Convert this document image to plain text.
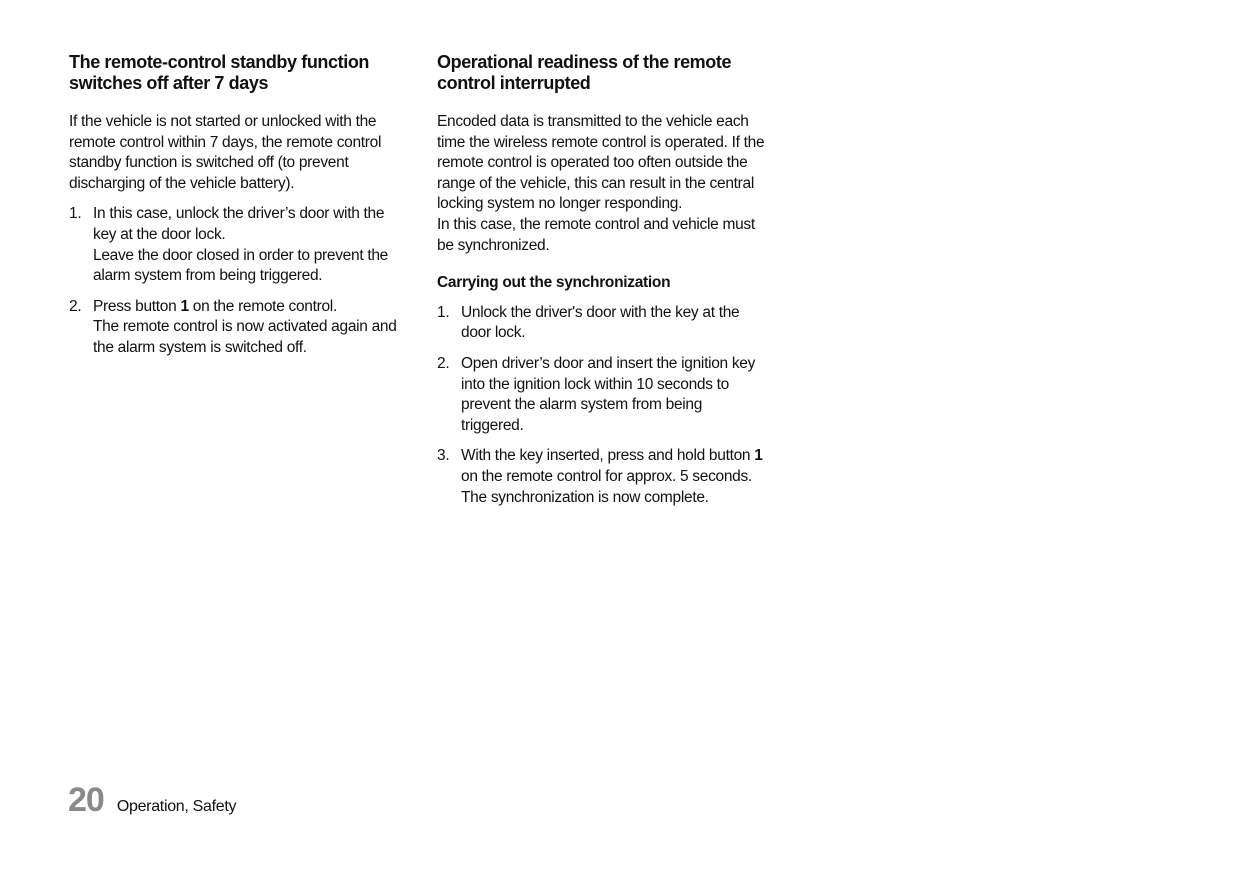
The remote-control standby function
switches off after 7 days

If the vehicle is not started or unlocked with the
remote control within 7 days, the remote control
standby function is switched off (to prevent
discharging of the vehicle battery).

1. In this case, unlock the driver’s door with the
key at the door lock.
Leave the door closed in order to prevent the
alarm system from being triggered.
2. Press button 1 on the remote control.
The remote control is now activated again and
the alarm system is switched off.
Operational readiness of the remote
control interrupted

Encoded data is transmitted to the vehicle each
time the wireless remote control is operated. If the
remote control is operated too often outside the
range of the vehicle, this can result in the central
locking system no longer responding.
In this case, the remote control and vehicle must
be synchronized.

Carrying out the synchronization
1. Unlock the driver's door with the key at the
door lock.
2. Open driver’s door and insert the ignition key
into the ignition lock within 10 seconds to
prevent the alarm system from being
triggered.
3. With the key inserted, press and hold button 1
on the remote control for approx. 5 seconds.
The synchronization is now complete.
20 Operation, Safety
